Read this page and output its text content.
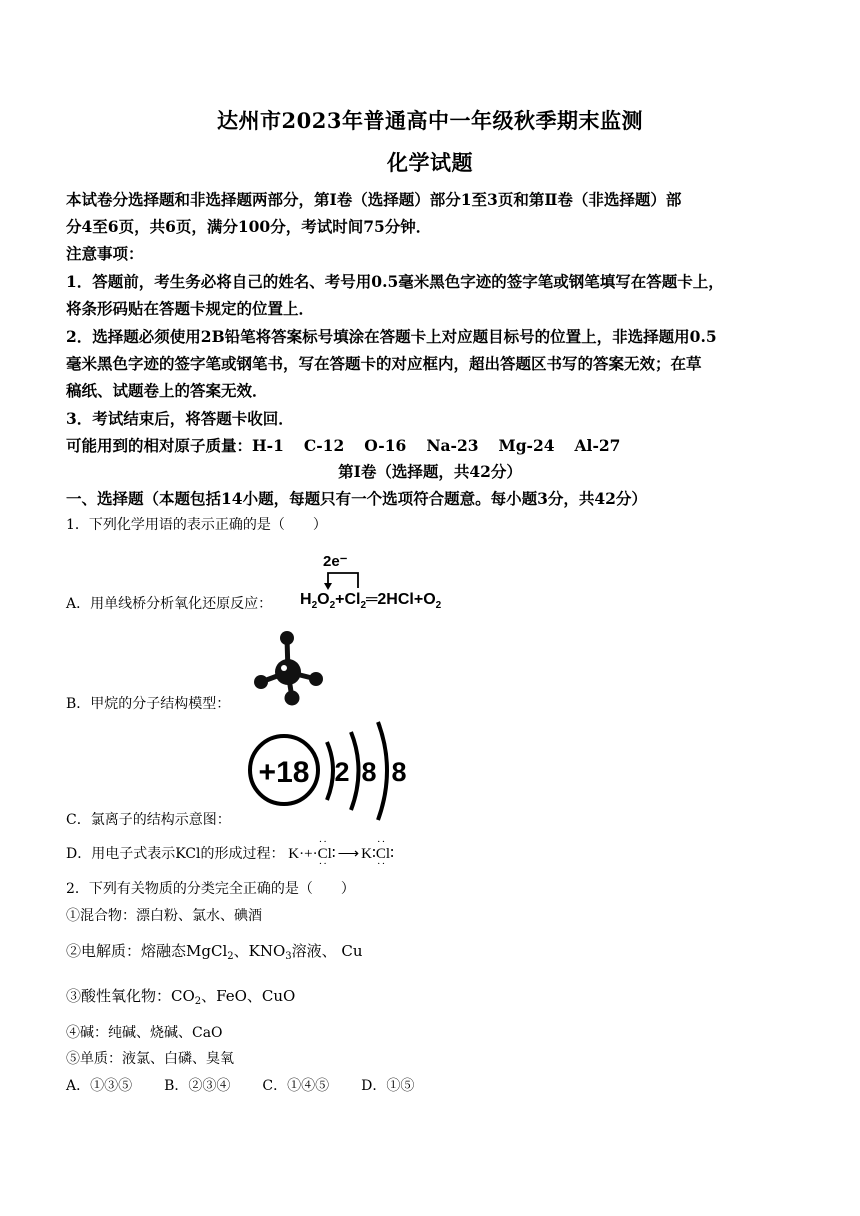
达州市2023年普通高中一年级秋季期末监测
化学试题
本试卷分选择题和非选择题两部分，第Ⅰ卷（选择题）部分1至3页和第Ⅱ卷（非选择题）部
分4至6页，共6页，满分100分，考试时间75分钟．
注意事项：
1．答题前，考生务必将自己的姓名、考号用0.5毫米黑色字迹的签字笔或钢笔填写在答题卡上，
将条形码贴在答题卡规定的位置上．
2．选择题必须使用2B铅笔将答案标号填涂在答题卡上对应题目标号的位置上，非选择题用0.5
毫米黑色字迹的签字笔或钢笔书，写在答题卡的对应框内，超出答题区书写的答案无效；在草
稿纸、试题卷上的答案无效．
3．考试结束后，将答题卡收回．
可能用到的相对原子质量：H-1 C-12 O-16 Na-23 Mg-24 Al-27
第Ⅰ卷（选择题，共42分）
一、选择题（本题包括14小题，每题只有一个选项符合题意。每小题3分，共42分）
1．下列化学用语的表示正确的是（　　）
A．用单线桥分析氧化还原反应：
2e⁻
$H_2O_2+Cl_2═2HCl+O_2$
B．甲烷的分子结构模型：
C．氯离子的结构示意图：
+18 2 8 8
D．用电子式表示KCl的形成过程： K·+··· Cl ··∶ ⟶ K∶·· Cl ··∶
2．下列有关物质的分类完全正确的是（　　）
①混合物：漂白粉、氯水、碘酒
②电解质：熔融态MgCl$_2$、$KNO_3$溶液、 Cu
③酸性氧化物：$CO_2$、FeO、CuO
④碱：纯碱、烧碱、CaO
⑤单质：液氯、白磷、臭氧
A．①③⑤ B．②③④ C．①④⑤ D．①⑤
